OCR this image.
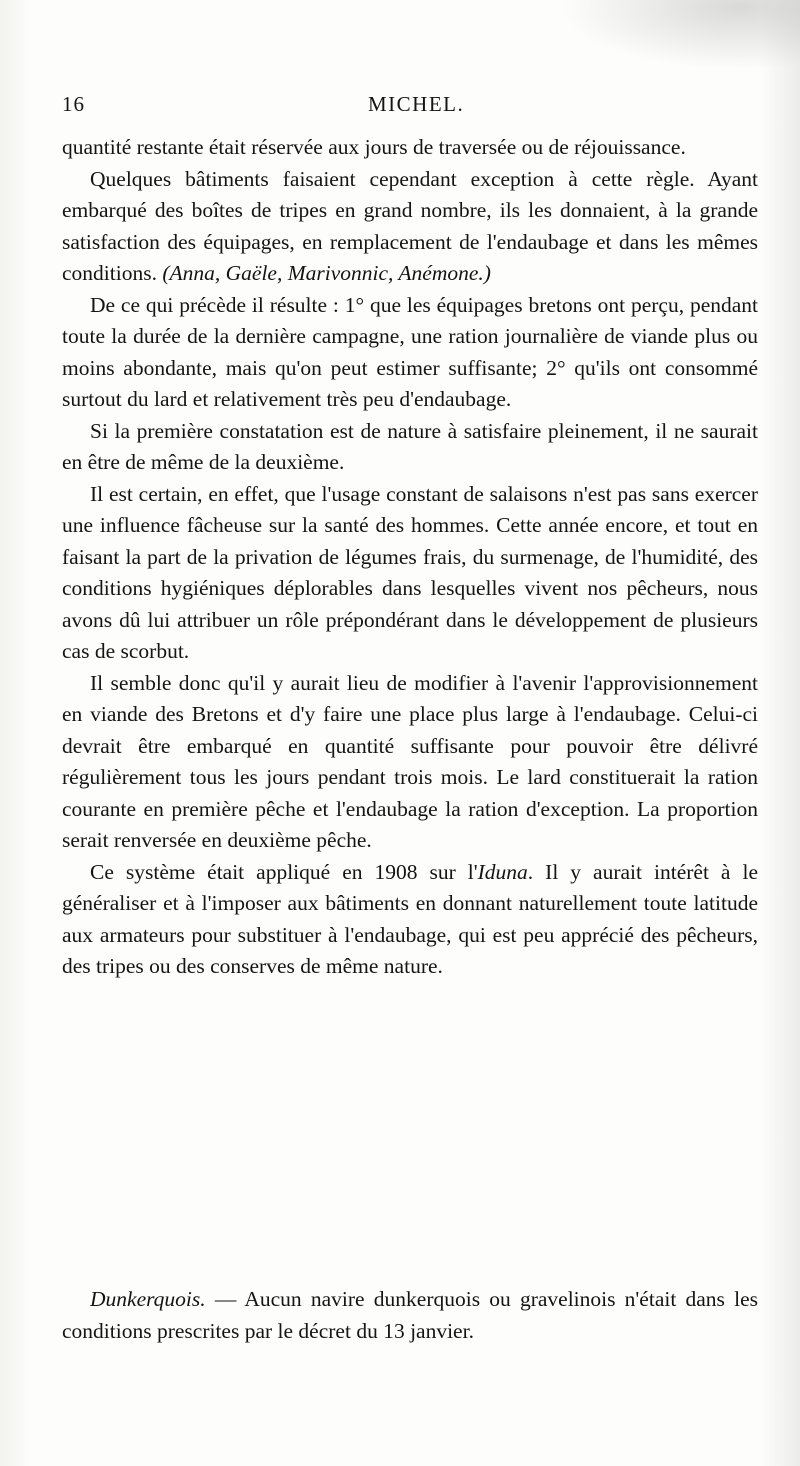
16	MICHEL.

quantité restante était réservée aux jours de traversée ou de réjouissance.

Quelques bâtiments faisaient cependant exception à cette règle. Ayant embarqué des boîtes de tripes en grand nombre, ils les donnaient, à la grande satisfaction des équipages, en remplacement de l'endaubage et dans les mêmes conditions. (Anna, Gaële, Marivonnic, Anémone.)

De ce qui précède il résulte : 1° que les équipages bretons ont perçu, pendant toute la durée de la dernière campagne, une ration journalière de viande plus ou moins abondante, mais qu'on peut estimer suffisante; 2° qu'ils ont consommé surtout du lard et relativement très peu d'endaubage.

Si la première constatation est de nature à satisfaire pleinement, il ne saurait en être de même de la deuxième.

Il est certain, en effet, que l'usage constant de salaisons n'est pas sans exercer une influence fâcheuse sur la santé des hommes. Cette année encore, et tout en faisant la part de la privation de légumes frais, du surmenage, de l'humidité, des conditions hygiéniques déplorables dans lesquelles vivent nos pêcheurs, nous avons dû lui attribuer un rôle prépondérant dans le développement de plusieurs cas de scorbut.

Il semble donc qu'il y aurait lieu de modifier à l'avenir l'approvisionnement en viande des Bretons et d'y faire une place plus large à l'endaubage. Celui-ci devrait être embarqué en quantité suffisante pour pouvoir être délivré régulièrement tous les jours pendant trois mois. Le lard constituerait la ration courante en première pêche et l'endaubage la ration d'exception. La proportion serait renversée en deuxième pêche.

Ce système était appliqué en 1908 sur l'Iduna. Il y aurait intérêt à le généraliser et à l'imposer aux bâtiments en donnant naturellement toute latitude aux armateurs pour substituer à l'endaubage, qui est peu apprécié des pêcheurs, des tripes ou des conserves de même nature.

Dunkerquois. — Aucun navire dunkerquois ou gravelinois n'était dans les conditions prescrites par le décret du 13 janvier.
